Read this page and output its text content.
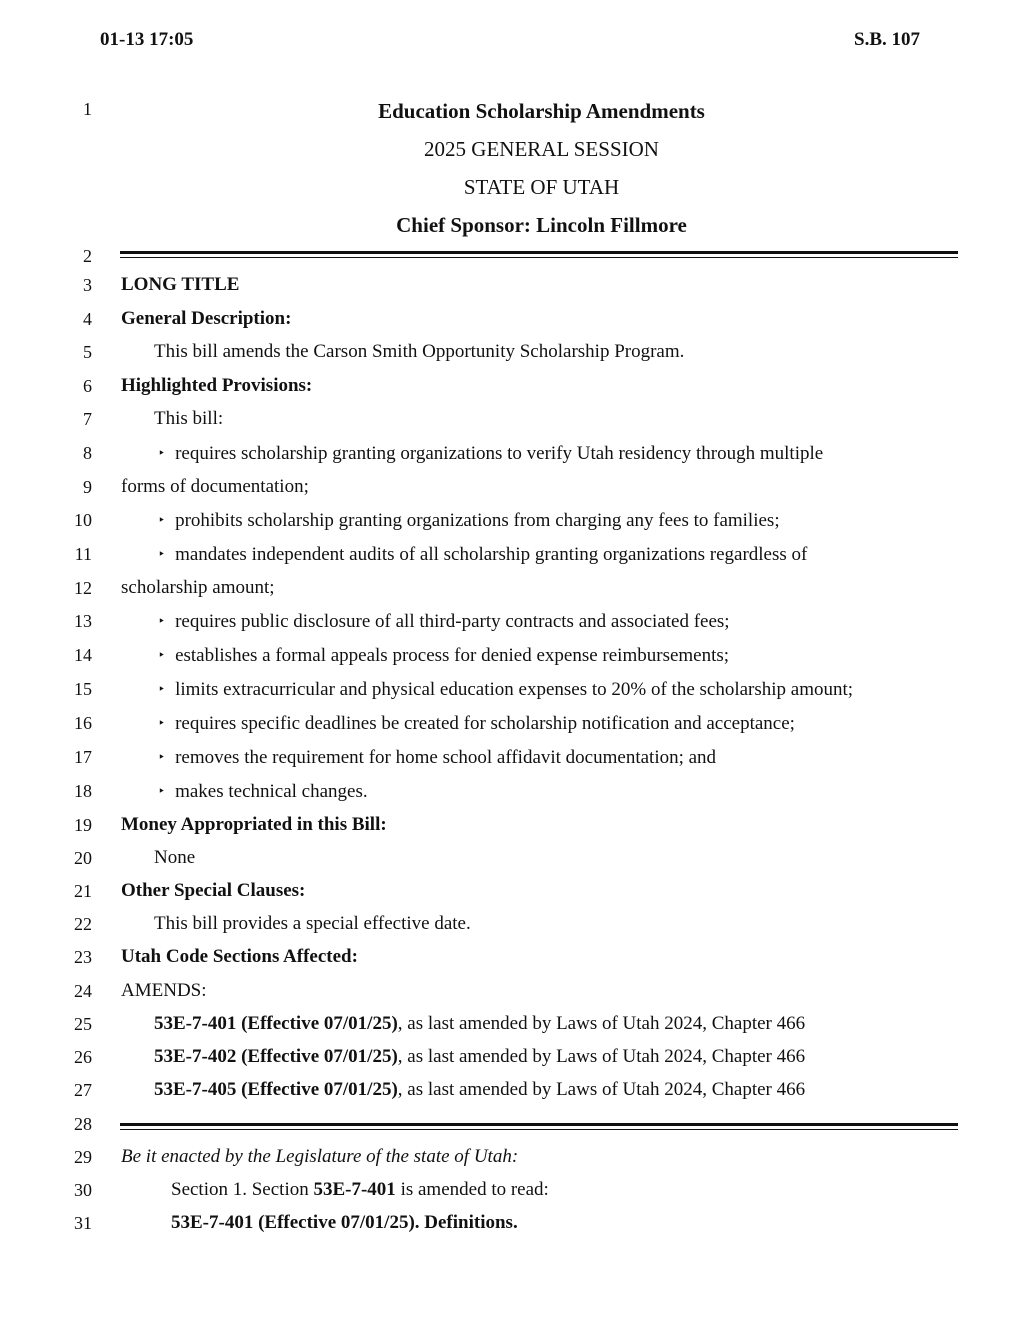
01-13 17:05	S.B. 107
1
2
3
4
5
6
7
8
9
10
11
12
13
14
15
16
17
18
19
20
21
22
23
24
25
26
27
28
29
30
31
Education Scholarship Amendments
2025 GENERAL SESSION
STATE OF UTAH
Chief Sponsor: Lincoln Fillmore
LONG TITLE
General Description:
This bill amends the Carson Smith Opportunity Scholarship Program.
Highlighted Provisions:
This bill:
‣ requires scholarship granting organizations to verify Utah residency through multiple
forms of documentation;
‣ prohibits scholarship granting organizations from charging any fees to families;
‣ mandates independent audits of all scholarship granting organizations regardless of
scholarship amount;
‣ requires public disclosure of all third-party contracts and associated fees;
‣ establishes a formal appeals process for denied expense reimbursements;
‣ limits extracurricular and physical education expenses to 20% of the scholarship amount;
‣ requires specific deadlines be created for scholarship notification and acceptance;
‣ removes the requirement for home school affidavit documentation; and
‣ makes technical changes.
Money Appropriated in this Bill:
None
Other Special Clauses:
This bill provides a special effective date.
Utah Code Sections Affected:
AMENDS:
53E-7-401 (Effective 07/01/25), as last amended by Laws of Utah 2024, Chapter 466
53E-7-402 (Effective 07/01/25), as last amended by Laws of Utah 2024, Chapter 466
53E-7-405 (Effective 07/01/25), as last amended by Laws of Utah 2024, Chapter 466
Be it enacted by the Legislature of the state of Utah:
Section 1. Section 53E-7-401 is amended to read:
53E-7-401 (Effective 07/01/25). Definitions.
